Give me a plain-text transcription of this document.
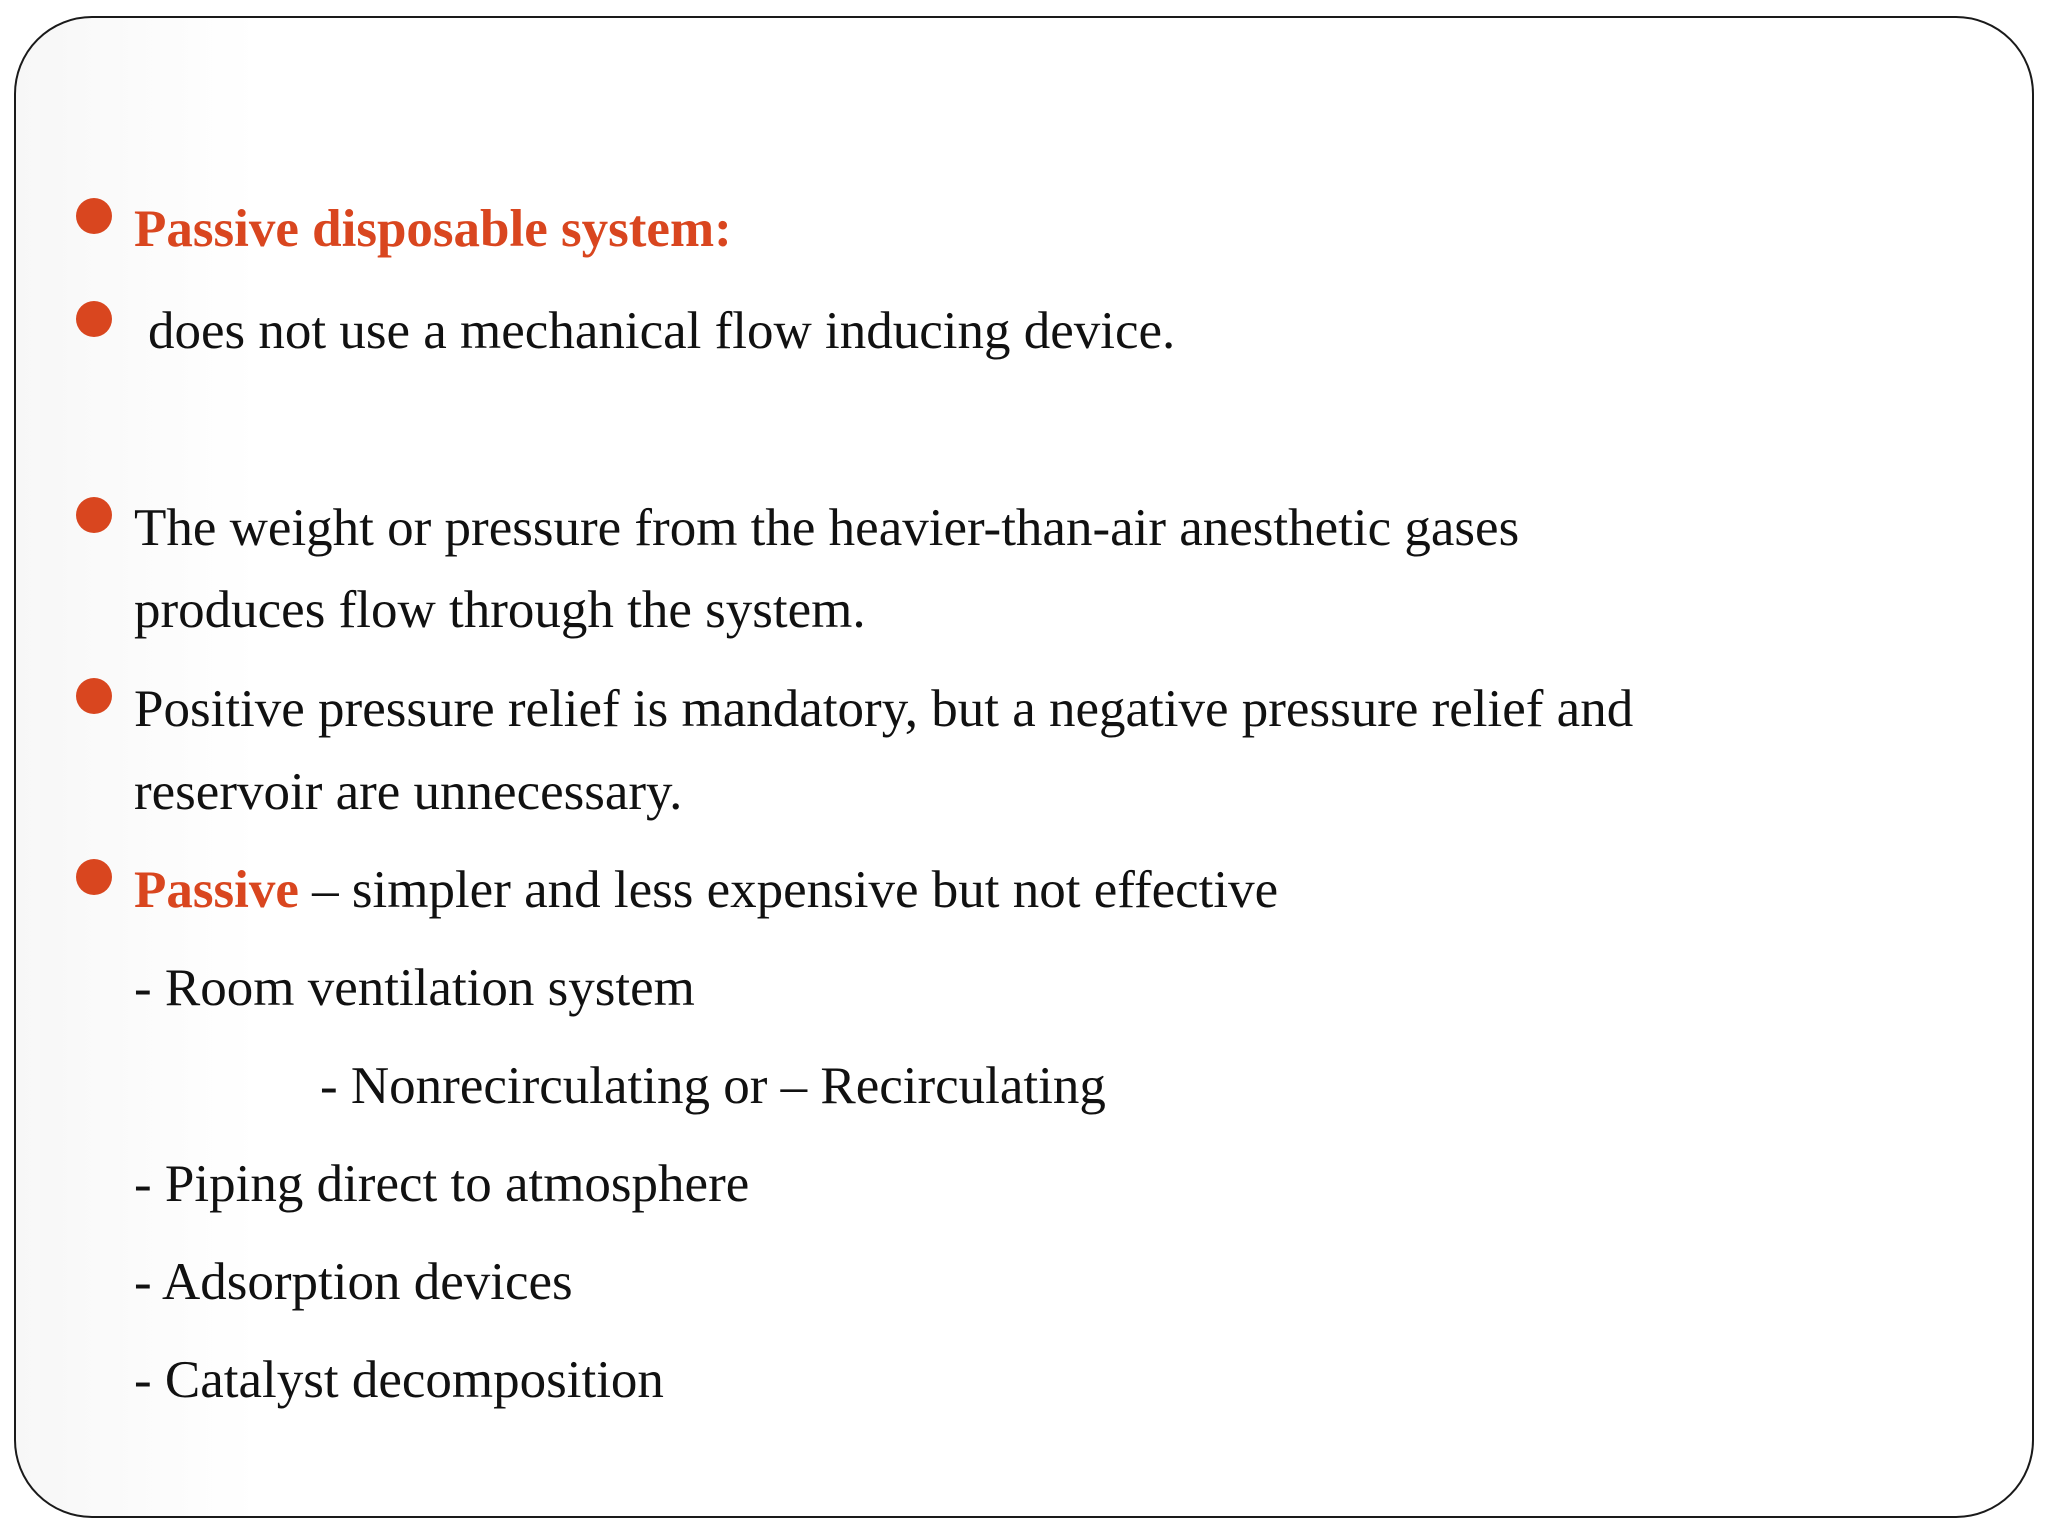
Passive disposable system:
does not use a mechanical flow inducing device.
The weight or pressure from the heavier-than-air anesthetic gases
produces flow through the system.
Positive pressure relief is mandatory, but a negative pressure relief and
reservoir are unnecessary.
Passive – simpler and less expensive but not effective
- Room ventilation system
- Nonrecirculating or – Recirculating
- Piping direct to atmosphere
- Adsorption devices
- Catalyst decomposition
